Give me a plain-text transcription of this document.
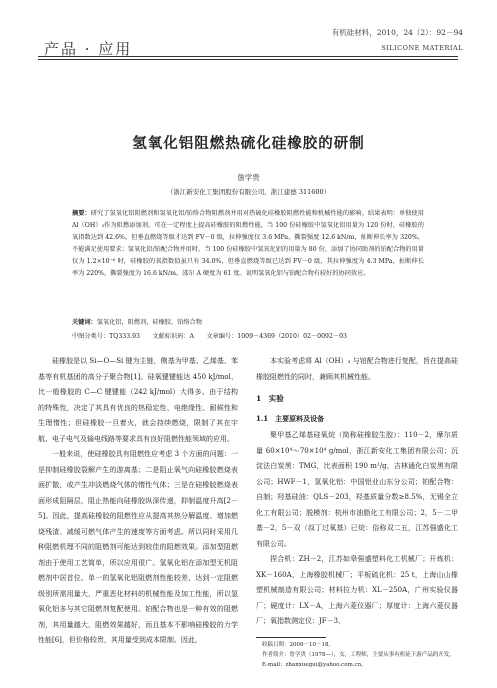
产品 · 应用
有机硅材料，2010，24（2）：92－94
SILICONE MATERIAL
氢氧化铝阻燃热硫化硅橡胶的研制
詹学贵
（浙江新安化工集团股份有限公司，浙江建德 311600）
摘要：研究了氢氧化铝阻燃剂和氢氧化铝/铂络合物阻燃剂并用对热硫化硅橡胶阻燃性能和机械性能的影响。结果表明：单独使用 Al（OH）₃作为阻燃添加剂，可在一定程度上提高硅橡胶的阻燃性能，当 100 份硅橡胶中氢氧化铝用量为 120 份时，硅橡胶的氧指数达到 42.6%，但垂直燃烧等级才达到 FV－0 级，拉伸强度仅 3.6 MPa，撕裂强度 12.6 kN/m，扯断伸长率为 320%，不能满足使用要求；氢氧化铝/铂配合物并用时，当 100 份硅橡胶中氢氧化铝的用量为 80 份，添加了协同助剂的铂配合物的用量仅为 1.2×10⁻⁶ 时，硅橡胶的氧指数值虽只有 34.0%，但垂直燃烧等级已达到 FV－0 级，其拉伸强度为 4.3 MPa，扯断伸长率为 220%，撕裂强度为 16.6 kN/m，邵尔 A 硬度为 61 度。说明氢氧化铝与铂配合物有较好的协同效应。
关键词：氢氧化铝，阻燃剂，硅橡胶，铂络合物
中图分类号：TQ333.93　　 文献标识码：A　　 文章编号：1009－4369（2010）02－0092－03

硅橡胶是以 Si—O—Si 键为主链，侧基为甲基、乙烯基、苯基等有机基团的高分子聚合物[1]。硅氧键键能达 450 kJ/mol，比一般橡胶的 C—C 键键能（242 kJ/mol）大得多。由于结构的特殊性，决定了其具有优良的热稳定性、电绝缘性、耐候性和生理惰性；但硅橡胶一旦着火，就会持续燃烧，限制了其在宇航、电子电气及输电线路等要求具有良好阻燃性能领域的应用。

一般来说，使硅橡胶具有阻燃性应考虑 3 个方面的问题：一是抑制硅橡胶裂解产生的游离基；二是阻止氧气向硅橡胶燃烧表面扩散，或产生冲淡燃烧气体的惰性气体；三是在硅橡胶燃烧表面形成阻隔层，阻止热能向硅橡胶纵深传递，抑制温度升高[2－5]。因此，提高硅橡胶的阻燃性应从提高其热分解温度、增加燃烧残渣、减缓可燃气体产生的速度等方面考虑。所以同时采用几种阻燃机理不同的阻燃剂可能达到较佳的阻燃效果。添加型阻燃剂由于使用工艺简单，所以应用很广。氢氧化铝在添加型无机阻燃剂中居首位。单一的氢氧化铝阻燃剂性能较差，达到一定阻燃级别所需用量大，严重恶化材料的机械性能及加工性能，所以氢氧化铝多与其它阻燃剂复配使用。铂配合物也是一种有效的阻燃剂，其用量越大，阻燃效果越好，而且基本不影响硅橡胶的力学性能[6]，但价格较贵，其用量受到成本限制。因此，

本实验考虑将 Al（OH）₃ 与铂配合物进行复配，旨在提高硅橡胶阻燃性的同时，兼顾其机械性能。

1　实验

1.1　主要原料及设备

聚甲基乙烯基硅氧烷（简称硅橡胶生胶）：110－2，摩尔质量 60×10⁴～70×10⁴ g/mol，浙江新安化工集团有限公司；沉淀法白炭黑：TMG，比表面积 190 m²/g，吉林通化白炭黑有限公司；HWF－1，氢氧化铝：中国铝业山东分公司；铂配合物：自制；羟基硅油：QLS－203，羟基质量分数≥8.5%，无锡全立化工有限公司；脱模剂：杭州市油脂化工有限公司；2，5－二甲基－2，5－双（叔丁过氧基）已烷：俗称双二五，江苏强盛化工有限公司。

捏合机：ZH－2，江苏如皋强盛塑料化工机械厂；开炼机：XK－160A，上海橡胶机械厂；平板硫化机：25 t，上海山山橡塑机械制造有限公司；材料拉力机：XL－250A，广州实验仪器厂；硬度计：LX－A，上海六菱仪器厂；厚度计：上海六菱仪器厂；氧指数测定仪：JF－3，

收稿日期：2009－10－18。
作者简介：詹学贵（1978—），女，工程师，主要从事有机硅下游产品的开发。E-mail：zhanxuegui@yahoo.com.cn。
